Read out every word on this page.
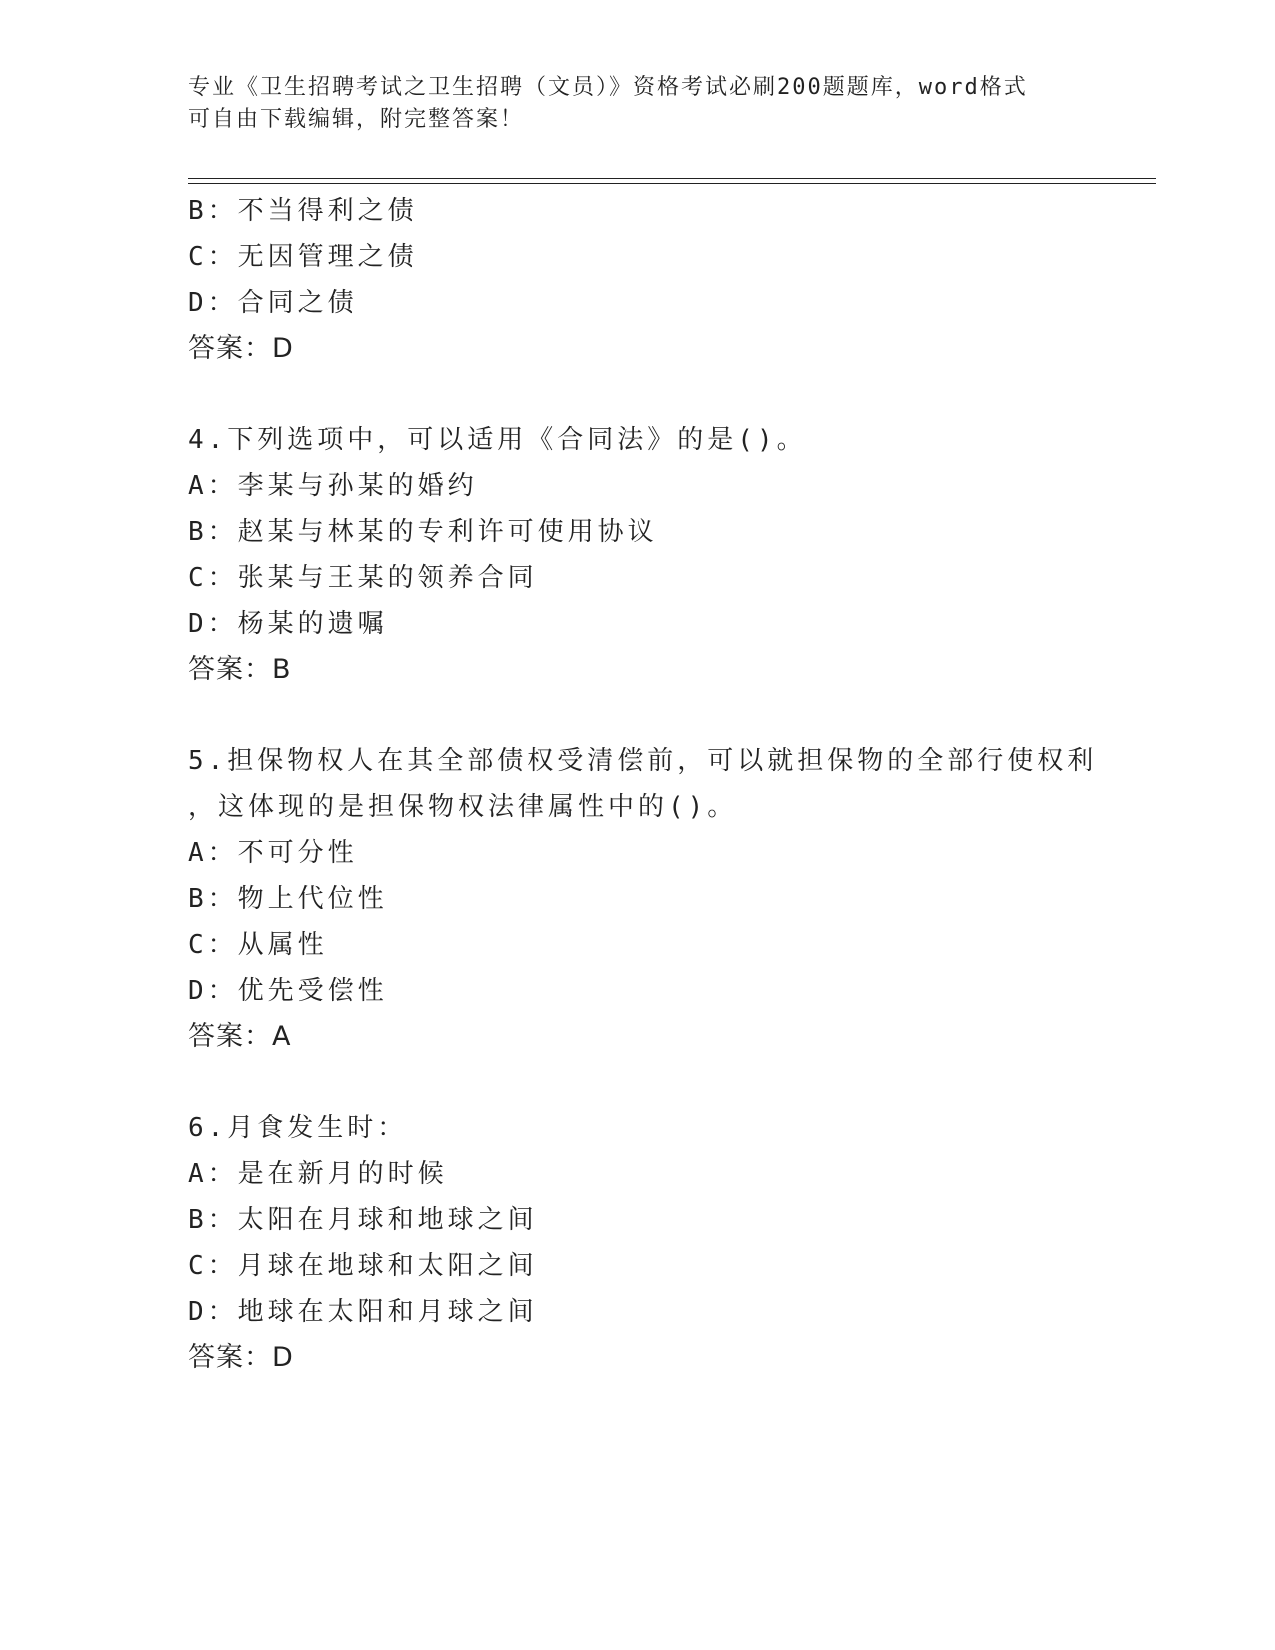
专业《卫生招聘考试之卫生招聘（文员）》资格考试必刷200题题库，word格式
可自由下载编辑，附完整答案！
B：不当得利之债
C：无因管理之债
D：合同之债
答案：D
4.下列选项中，可以适用《合同法》的是()。
A：李某与孙某的婚约
B：赵某与林某的专利许可使用协议
C：张某与王某的领养合同
D：杨某的遗嘱
答案：B
5.担保物权人在其全部债权受清偿前，可以就担保物的全部行使权利
，这体现的是担保物权法律属性中的()。
A：不可分性
B：物上代位性
C：从属性
D：优先受偿性
答案：A
6.月食发生时：
A：是在新月的时候
B：太阳在月球和地球之间
C：月球在地球和太阳之间
D：地球在太阳和月球之间
答案：D
